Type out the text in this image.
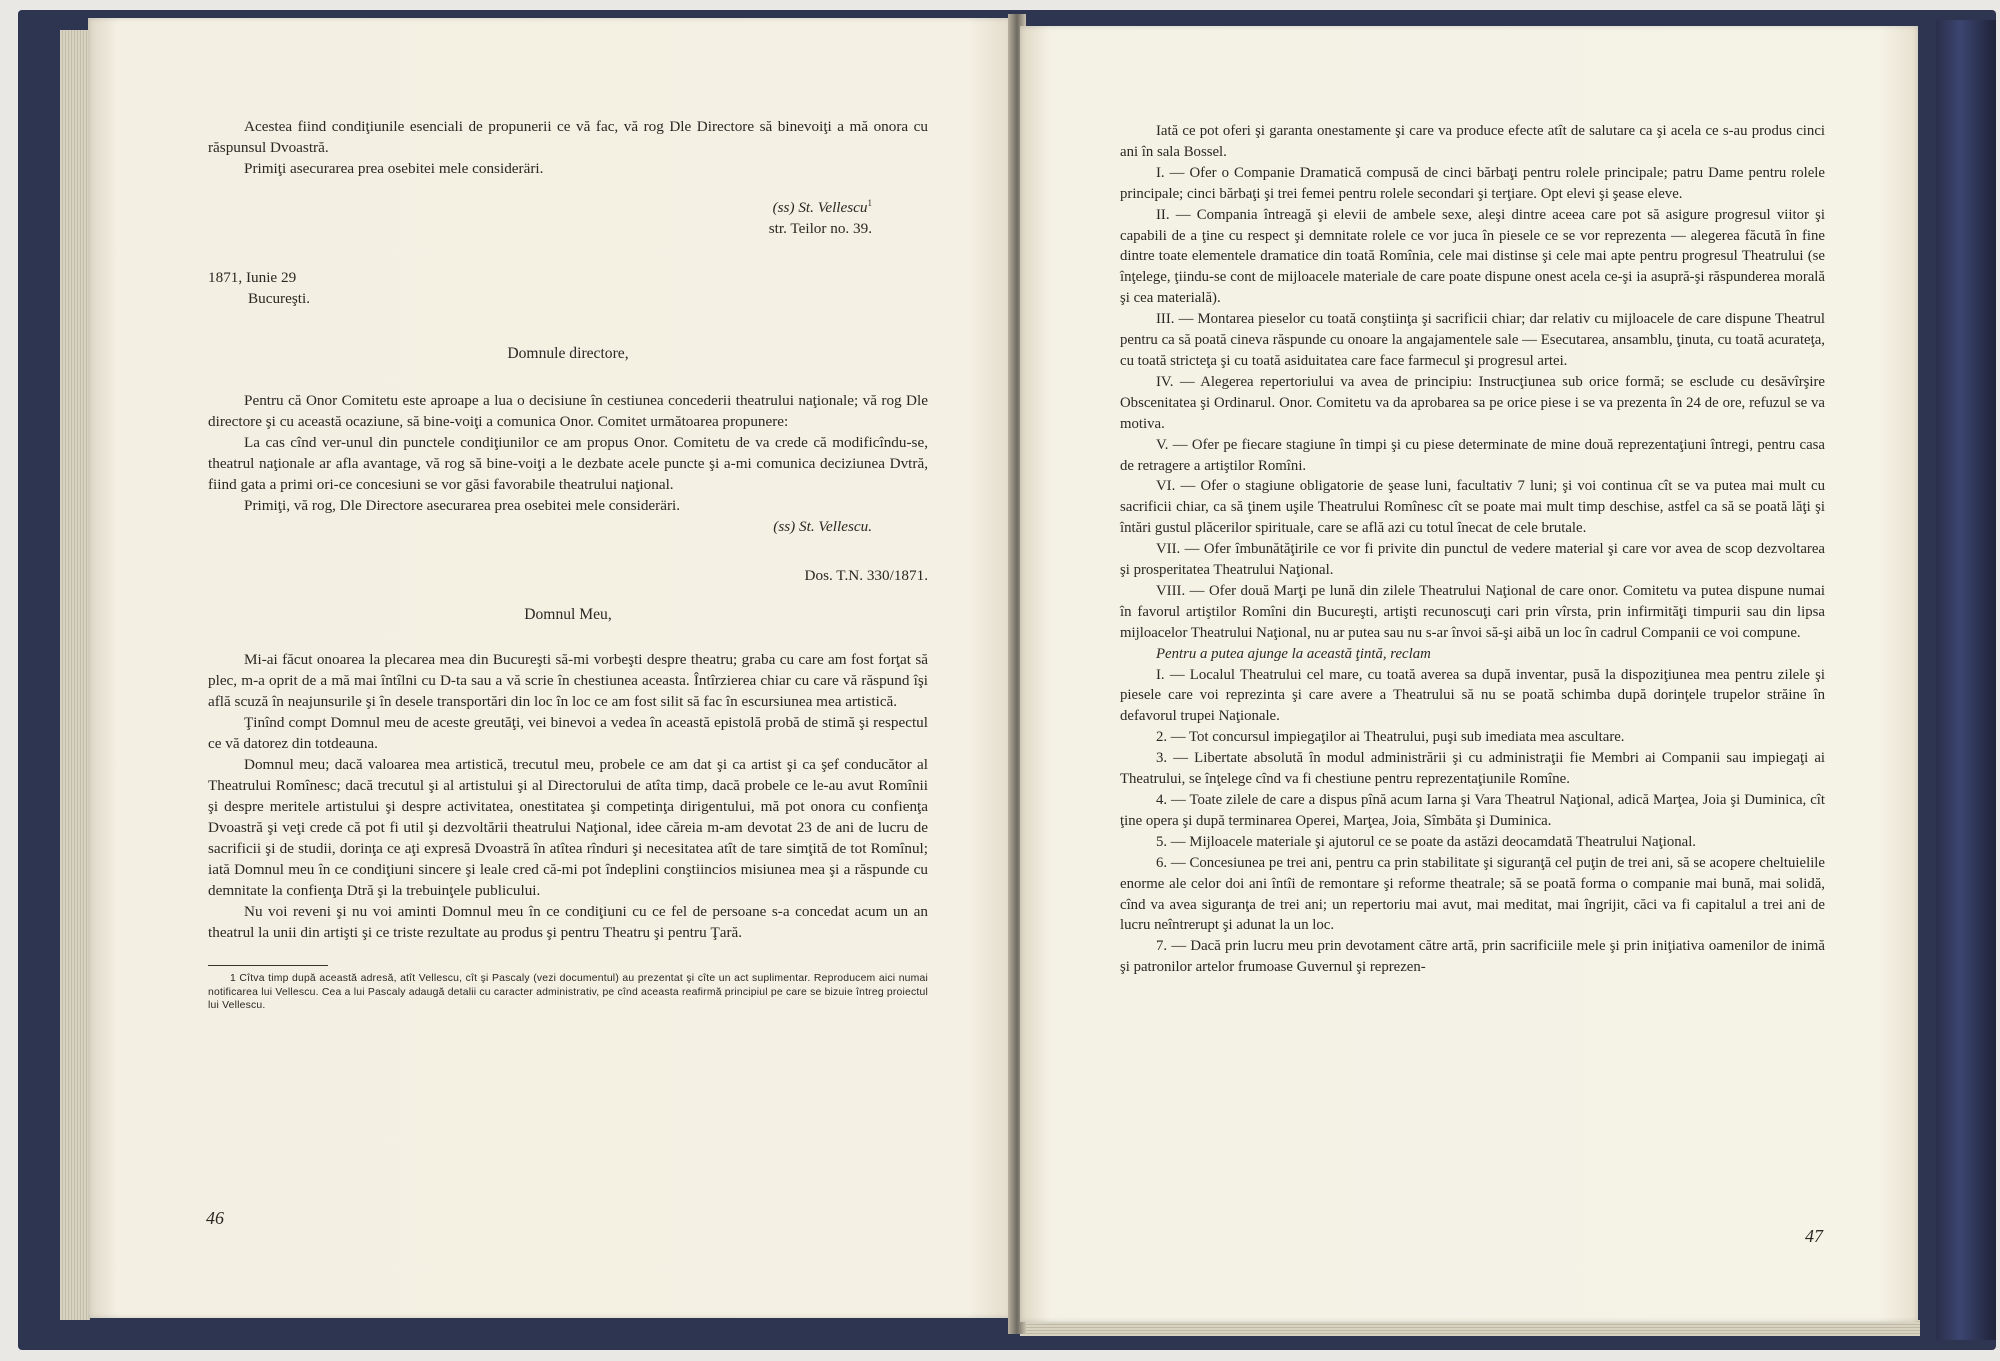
Acestea fiind condiţiunile esenciali de propunerii ce vă fac, vă rog Dle Directore să binevoiţi a mă onora cu răspunsul Dvoastră.

Primiţi asecurarea prea osebitei mele consideräri.

(ss) St. Vellescu$^1$

str. Teilor no. 39.

1871, Iunie 29

Bucureşti.

Domnule directore,

Pentru că Onor Comitetu este aproape a lua o decisiune în cestiunea concederii theatrului naţionale; vă rog Dle directore şi cu această ocaziune, să bine-voiţi a comunica Onor. Comitet următoarea propunere:

La cas cînd ver-unul din punctele condiţiunilor ce am propus Onor. Comitetu de va crede că modificîndu-se, theatrul naţionale ar afla avantage, vă rog să bine-voiţi a le dezbate acele puncte şi a-mi comunica deciziunea Dvtră, fiind gata a primi ori-ce concesiuni se vor găsi favorabile theatrului naţional.

Primiţi, vă rog, Dle Directore asecurarea prea osebitei mele consideräri.

(ss) St. Vellescu.

Dos. T.N. 330/1871.

Domnul Meu,

Mi-ai făcut onoarea la plecarea mea din Bucureşti să-mi vorbeşti despre theatru; graba cu care am fost forţat să plec, m-a oprit de a mă mai întîlni cu D-ta sau a vă scrie în chestiunea aceasta. Întîrzierea chiar cu care vă răspund îşi află scuză în neajunsurile şi în desele transportări din loc în loc ce am fost silit să fac în escursiunea mea artistică.

Ţinînd compt Domnul meu de aceste greutăţi, vei binevoi a vedea în această epistolă probă de stimă şi respectul ce vă datorez din totdeauna.

Domnul meu; dacă valoarea mea artistică, trecutul meu, probele ce am dat şi ca artist şi ca şef conducător al Theatrului Romînesc; dacă trecutul şi al artistului şi al Directorului de atîta timp, dacă probele ce le-au avut Romînii şi despre meritele artistului şi despre activitatea, onestitatea şi competinţa dirigentului, mă pot onora cu confienţa Dvoastră şi veţi crede că pot fi util şi dezvoltării theatrului Naţional, idee căreia m-am devotat 23 de ani de lucru de sacrificii şi de studii, dorinţa ce aţi expresă Dvoastră în atîtea rînduri şi necesitatea atît de tare simţită de tot Romînul; iată Domnul meu în ce condiţiuni sincere şi leale cred că-mi pot îndeplini conştiincios misiunea mea şi a răspunde cu demnitate la confienţa Dtră şi la trebuinţele publicului.

Nu voi reveni şi nu voi aminti Domnul meu în ce condiţiuni cu ce fel de persoane s-a concedat acum un an theatrul la unii din artişti şi ce triste rezultate au produs şi pentru Theatru şi pentru Ţară.

1 Cîtva timp după această adresă, atît Vellescu, cît şi Pascaly (vezi documentul) au prezentat şi cîte un act suplimentar. Reproducem aici numai notificarea lui Vellescu. Cea a lui Pascaly adaugă detalii cu caracter administrativ, pe cînd aceasta reafirmă principiul pe care se bizuie întreg proiectul lui Vellescu.

46

Iată ce pot oferi şi garanta onestamente şi care va produce efecte atît de salutare ca şi acela ce s-au produs cinci ani în sala Bossel.

I. — Ofer o Companie Dramatică compusă de cinci bărbaţi pentru rolele principale; patru Dame pentru rolele principale; cinci bărbaţi şi trei femei pentru rolele secondari şi terţiare. Opt elevi şi şease eleve.

II. — Compania întreagă şi elevii de ambele sexe, aleşi dintre aceea care pot să asigure progresul viitor şi capabili de a ţine cu respect şi demnitate rolele ce vor juca în piesele ce se vor reprezenta — alegerea făcută în fine dintre toate elementele dramatice din toată Romînia, cele mai distinse şi cele mai apte pentru progresul Theatrului (se înţelege, ţiindu-se cont de mijloacele materiale de care poate dispune onest acela ce-şi ia asupră-şi răspunderea morală şi cea materială).

III. — Montarea pieselor cu toată conştiinţa şi sacrificii chiar; dar relativ cu mijloacele de care dispune Theatrul pentru ca să poată cineva răspunde cu onoare la angajamentele sale — Esecutarea, ansamblu, ţinuta, cu toată acurateţa, cu toată stricteţa şi cu toată asiduitatea care face farmecul şi progresul artei.

IV. — Alegerea repertoriului va avea de principiu: Instrucţiunea sub orice formă; se esclude cu desăvîrşire Obscenitatea şi Ordinarul. Onor. Comitetu va da aprobarea sa pe orice piese i se va prezenta în 24 de ore, refuzul se va motiva.

V. — Ofer pe fiecare stagiune în timpi şi cu piese determinate de mine două reprezentaţiuni întregi, pentru casa de retragere a artiştilor Romîni.

VI. — Ofer o stagiune obligatorie de şease luni, facultativ 7 luni; şi voi continua cît se va putea mai mult cu sacrificii chiar, ca să ţinem uşile Theatrului Romînesc cît se poate mai mult timp deschise, astfel ca să se poată lăţi şi întări gustul plăcerilor spirituale, care se află azi cu totul înecat de cele brutale.

VII. — Ofer îmbunătăţirile ce vor fi privite din punctul de vedere material şi care vor avea de scop dezvoltarea şi prosperitatea Theatrului Naţional.

VIII. — Ofer două Marţi pe lună din zilele Theatrului Naţional de care onor. Comitetu va putea dispune numai în favorul artiştilor Romîni din Bucureşti, artişti recunoscuţi cari prin vîrsta, prin infirmităţi timpurii sau din lipsa mijloacelor Theatrului Naţional, nu ar putea sau nu s-ar învoi să-şi aibă un loc în cadrul Companii ce voi compune.

Pentru a putea ajunge la această ţintă, reclam

I. — Localul Theatrului cel mare, cu toată averea sa după inventar, pusă la dispoziţiunea mea pentru zilele şi piesele care voi reprezinta şi care avere a Theatrului să nu se poată schimba după dorinţele trupelor străine în defavorul trupei Naţionale.

2. — Tot concursul impiegaţilor ai Theatrului, puşi sub imediata mea ascultare.

3. — Libertate absolută în modul administrării şi cu administraţii fie Membri ai Companii sau impiegaţi ai Theatrului, se înţelege cînd va fi chestiune pentru reprezentaţiunile Romîne.

4. — Toate zilele de care a dispus pînă acum Iarna şi Vara Theatrul Naţional, adică Marţea, Joia şi Duminica, cît ţine opera şi după terminarea Operei, Marţea, Joia, Sîmbăta şi Duminica.

5. — Mijloacele materiale şi ajutorul ce se poate da astăzi deocamdată Theatrului Naţional.

6. — Concesiunea pe trei ani, pentru ca prin stabilitate şi siguranţă cel puţin de trei ani, să se acopere cheltuielile enorme ale celor doi ani întîi de remontare şi reforme theatrale; să se poată forma o companie mai bună, mai solidă, cînd va avea siguranţa de trei ani; un repertoriu mai avut, mai meditat, mai îngrijit, căci va fi capitalul a trei ani de lucru neîntrerupt şi adunat la un loc.

7. — Dacă prin lucru meu prin devotament către artă, prin sacrificiile mele şi prin iniţiativa oamenilor de inimă şi patronilor artelor frumoase Guvernul şi reprezen-

47
